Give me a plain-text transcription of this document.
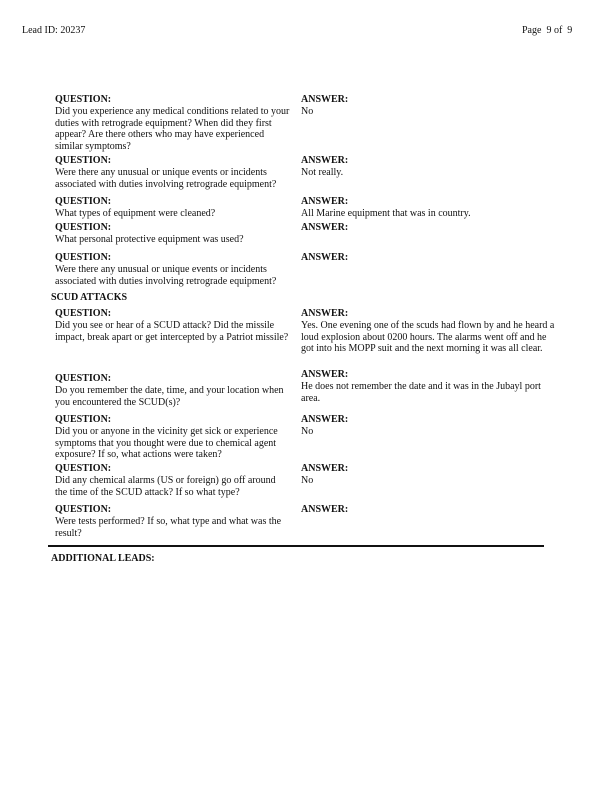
Lead ID: 20237	Page  9 of  9
QUESTION:
Did you experience any medical conditions related to your duties with retrograde equipment? When did they first appear? Are there others who may have experienced similar symptoms?
ANSWER:
No
QUESTION:
Were there any unusual or unique events or incidents associated with duties involving retrograde equipment?
ANSWER:
Not really.
QUESTION:
What types of equipment were cleaned?
ANSWER:
All Marine equipment that was in country.
QUESTION:
What personal protective equipment was used?
ANSWER:
QUESTION:
Were there any unusual or unique events or incidents associated with duties involving retrograde equipment?
ANSWER:
QUESTION:
Did you see or hear of a SCUD attack? Did the missile impact, break apart or get intercepted by a Patriot missile?
ANSWER:
Yes. One evening one of the scuds had flown by and he heard a loud explosion about 0200 hours. The alarms went off and he got into his MOPP suit and the next morning it was all clear.
QUESTION:
Do you remember the date, time, and your location when you encountered the SCUD(s)?
ANSWER:
He does not remember the date and it was in the Jubayl port area.
QUESTION:
Did you or anyone in the vicinity get sick or experience symptoms that you thought were due to chemical agent exposure? If so, what actions were taken?
ANSWER:
No
QUESTION:
Did any chemical alarms (US or foreign) go off around the time of the SCUD attack? If so what type?
ANSWER:
No
QUESTION:
Were tests performed? If so, what type and what was the result?
ANSWER:
SCUD ATTACKS
ADDITIONAL LEADS:
